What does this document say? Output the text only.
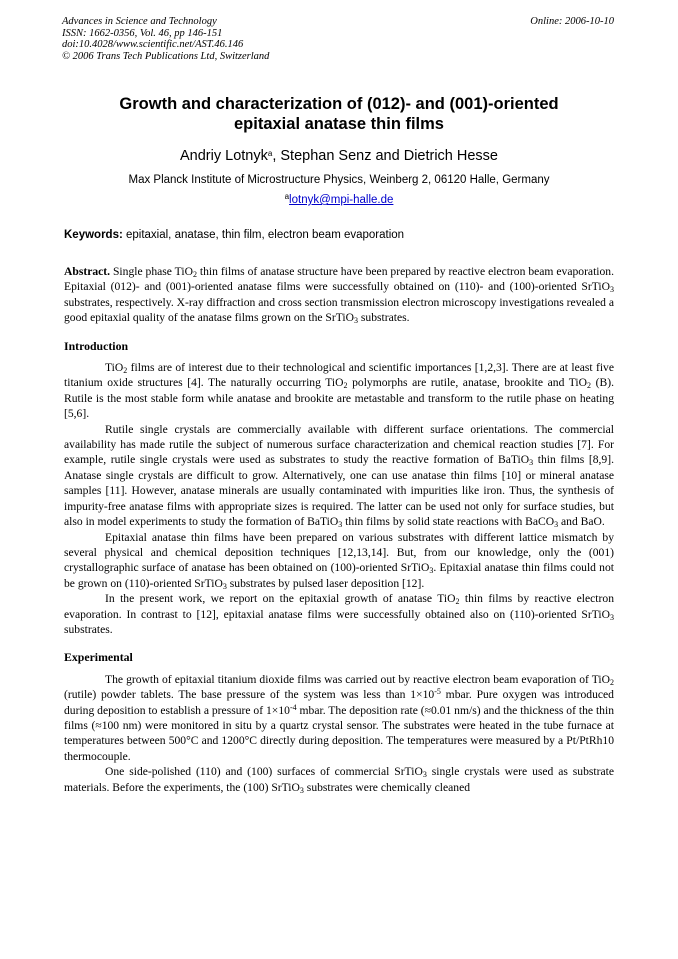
Advances in Science and Technology
ISSN: 1662-0356, Vol. 46, pp 146-151
doi:10.4028/www.scientific.net/AST.46.146
© 2006 Trans Tech Publications Ltd, Switzerland
Online: 2006-10-10
Growth and characterization of (012)- and (001)-oriented
epitaxial anatase thin films
Andriy Lotnyk$^a$, Stephan Senz and Dietrich Hesse
Max Planck Institute of Microstructure Physics, Weinberg 2, 06120 Halle, Germany
$^a$lotnyk@mpi-halle.de
Keywords: epitaxial, anatase, thin film, electron beam evaporation

Abstract. Single phase TiO$_2$ thin films of anatase structure have been prepared by reactive electron beam evaporation. Epitaxial (012)- and (001)-oriented anatase films were successfully obtained on (110)- and (100)-oriented SrTiO$_3$ substrates, respectively. X-ray diffraction and cross section transmission electron microscopy investigations revealed a good epitaxial quality of the anatase films grown on the SrTiO$_3$ substrates.

Introduction

TiO$_2$ films are of interest due to their technological and scientific importances [1,2,3]. There are at least five titanium oxide structures [4]. The naturally occurring TiO$_2$ polymorphs are rutile, anatase, brookite and TiO$_2$ (B). Rutile is the most stable form while anatase and brookite are metastable and transform to the rutile phase on heating [5,6].

Rutile single crystals are commercially available with different surface orientations. The commercial availability has made rutile the subject of numerous surface characterization and chemical reaction studies [7]. For example, rutile single crystals were used as substrates to study the reactive formation of BaTiO$_3$ thin films [8,9]. Anatase single crystals are difficult to grow. Alternatively, one can use anatase thin films [10] or mineral anatase samples [11]. However, anatase minerals are usually contaminated with impurities like iron. Thus, the synthesis of impurity-free anatase films with appropriate sizes is required. The latter can be used not only for surface studies, but also in model experiments to study the formation of BaTiO$_3$ thin films by solid state reactions with BaCO$_3$ and BaO.

Epitaxial anatase thin films have been prepared on various substrates with different lattice mismatch by several physical and chemical deposition techniques [12,13,14]. But, from our knowledge, only the (001) crystallographic surface of anatase has been obtained on (100)-oriented SrTiO$_3$. Epitaxial anatase thin films could not be grown on (110)-oriented SrTiO$_3$ substrates by pulsed laser deposition [12].

In the present work, we report on the epitaxial growth of anatase TiO$_2$ thin films by reactive electron evaporation. In contrast to [12], epitaxial anatase films were successfully obtained also on (110)-oriented SrTiO$_3$ substrates.

Experimental

The growth of epitaxial titanium dioxide films was carried out by reactive electron beam evaporation of TiO$_2$ (rutile) powder tablets. The base pressure of the system was less than $1\times 10^{-5}$ mbar. Pure oxygen was introduced during deposition to establish a pressure of $1\times 10^{-4}$ mbar. The deposition rate (≈0.01 nm/s) and the thickness of the thin films (≈100 nm) were monitored in situ by a quartz crystal sensor. The substrates were heated in the tube furnace at temperatures between 500°C and 1200°C directly during deposition. The temperatures were measured by a Pt/PtRh10 thermocouple.

One side-polished (110) and (100) surfaces of commercial SrTiO$_3$ single crystals were used as substrate materials. Before the experiments, the (100) SrTiO$_3$ substrates were chemically cleaned
